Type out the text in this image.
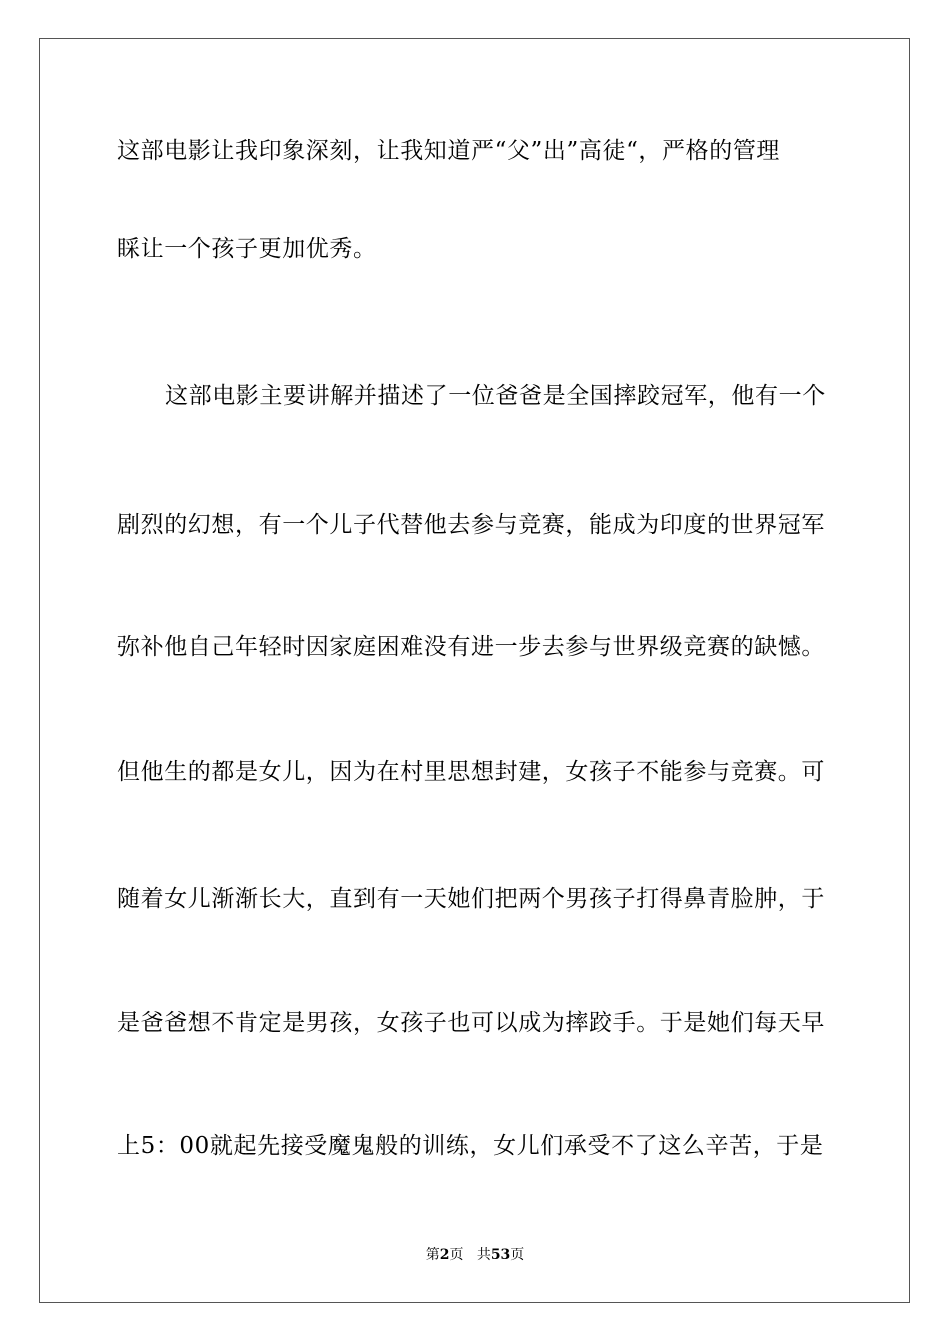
这部电影让我印象深刻，让我知道严“父”出”高徒“，严格的管理
睬让一个孩子更加优秀。
这部电影主要讲解并描述了一位爸爸是全国摔跤冠军，他有一个
剧烈的幻想，有一个儿子代替他去参与竞赛，能成为印度的世界冠军
弥补他自己年轻时因家庭困难没有进一步去参与世界级竞赛的缺憾。
但他生的都是女儿，因为在村里思想封建，女孩子不能参与竞赛。可
随着女儿渐渐长大，直到有一天她们把两个男孩子打得鼻青脸肿，于
是爸爸想不肯定是男孩，女孩子也可以成为摔跤手。于是她们每天早
上5：00就起先接受魔鬼般的训练，女儿们承受不了这么辛苦，于是
第2页 共53页
